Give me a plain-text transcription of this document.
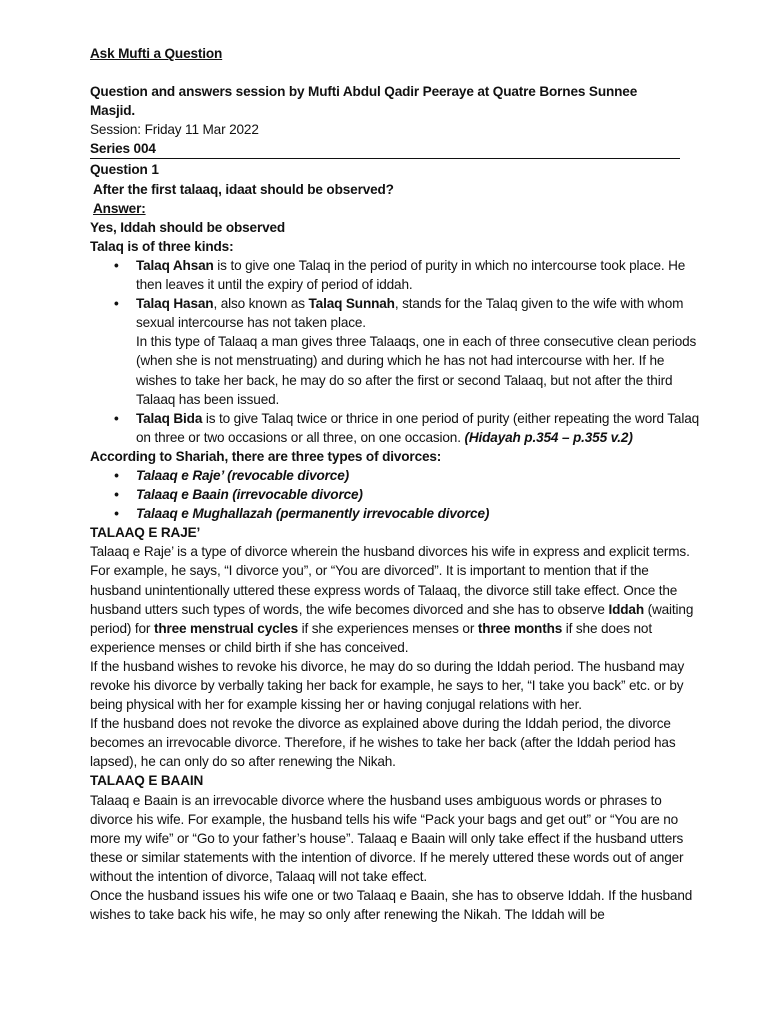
Ask Mufti a Question

Question and answers session by Mufti Abdul Qadir Peeraye at Quatre Bornes Sunnee Masjid.

Session: Friday 11 Mar 2022

Series 004

Question 1

After the first talaaq, idaat should be observed?

Answer:

Yes, Iddah should be observed

Talaq is of three kinds:

• Talaq Ahsan is to give one Talaq in the period of purity in which no intercourse took place. He then leaves it until the expiry of period of iddah.
• Talaq Hasan, also known as Talaq Sunnah, stands for the Talaq given to the wife with whom sexual intercourse has not taken place.

In this type of Talaaq a man gives three Talaaqs, one in each of three consecutive clean periods (when she is not menstruating) and during which he has not had intercourse with her. If he wishes to take her back, he may do so after the first or second Talaaq, but not after the third Talaaq has been issued.

• Talaq Bida is to give Talaq twice or thrice in one period of purity (either repeating the word Talaq on three or two occasions or all three, on one occasion. (Hidayah p.354 – p.355 v.2)

According to Shariah, there are three types of divorces:

• Talaaq e Raje’ (revocable divorce)
• Talaaq e Baain (irrevocable divorce)
• Talaaq e Mughallazah (permanently irrevocable divorce)

TALAAQ E RAJE’

Talaaq e Raje’ is a type of divorce wherein the husband divorces his wife in express and explicit terms. For example, he says, “I divorce you”, or “You are divorced”. It is important to mention that if the husband unintentionally uttered these express words of Talaaq, the divorce still take effect. Once the husband utters such types of words, the wife becomes divorced and she has to observe Iddah (waiting period) for three menstrual cycles if she experiences menses or three months if she does not experience menses or child birth if she has conceived.

If the husband wishes to revoke his divorce, he may do so during the Iddah period. The husband may revoke his divorce by verbally taking her back for example, he says to her, “I take you back” etc. or by being physical with her for example kissing her or having conjugal relations with her.

If the husband does not revoke the divorce as explained above during the Iddah period, the divorce becomes an irrevocable divorce. Therefore, if he wishes to take her back (after the Iddah period has lapsed), he can only do so after renewing the Nikah.

TALAAQ E BAAIN

Talaaq e Baain is an irrevocable divorce where the husband uses ambiguous words or phrases to divorce his wife. For example, the husband tells his wife “Pack your bags and get out” or “You are no more my wife” or “Go to your father’s house”. Talaaq e Baain will only take effect if the husband utters these or similar statements with the intention of divorce. If he merely uttered these words out of anger without the intention of divorce, Talaaq will not take effect.

Once the husband issues his wife one or two Talaaq e Baain, she has to observe Iddah. If the husband wishes to take back his wife, he may so only after renewing the Nikah. The Iddah will be
